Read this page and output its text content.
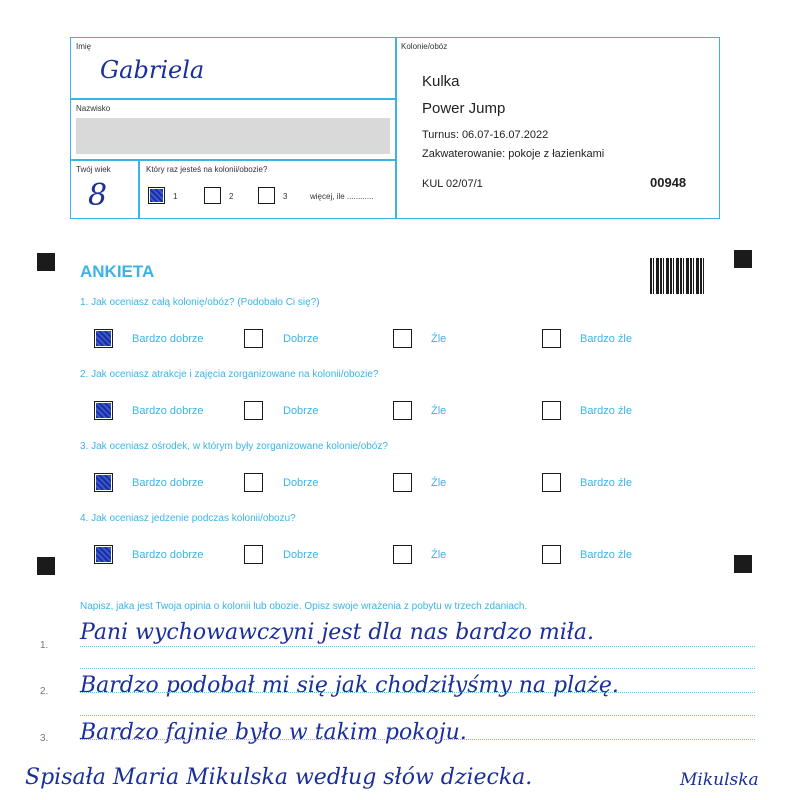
Imię
Gabriela
Nazwisko
Twój wiek
8
Który raz jesteś na kolonii/obozie?
1	2	3	więcej, ile ............
Kolonie/obóz
Kulka
Power Jump
Turnus: 06.07-16.07.2022
Zakwaterowanie: pokoje z łazienkami
KUL 02/07/1	00948
ANKIETA
1. Jak oceniasz całą kolonię/obóz? (Podobało Ci się?)
Bardzo dobrze	Dobrze	Źle	Bardzo źle
2. Jak oceniasz atrakcje i zajęcia zorganizowane na kolonii/obozie?
Bardzo dobrze	Dobrze	Źle	Bardzo źle
3. Jak oceniasz ośrodek, w którym były zorganizowane kolonie/obóz?
Bardzo dobrze	Dobrze	Źle	Bardzo źle
4. Jak oceniasz jedzenie podczas kolonii/obozu?
Bardzo dobrze	Dobrze	Źle	Bardzo źle
Napisz, jaka jest Twoja opinia o kolonii lub obozie. Opisz swoje wrażenia z pobytu w trzech zdaniach.
1.
Pani wychowawczyni jest dla nas bardzo miła.
2. Bardzo podobał mi się jak chodziłyśmy na plażę.
3. Bardzo fajnie było w takim pokoju.
Spisała Maria Mikulska według słów dziecka.	Mikulska
